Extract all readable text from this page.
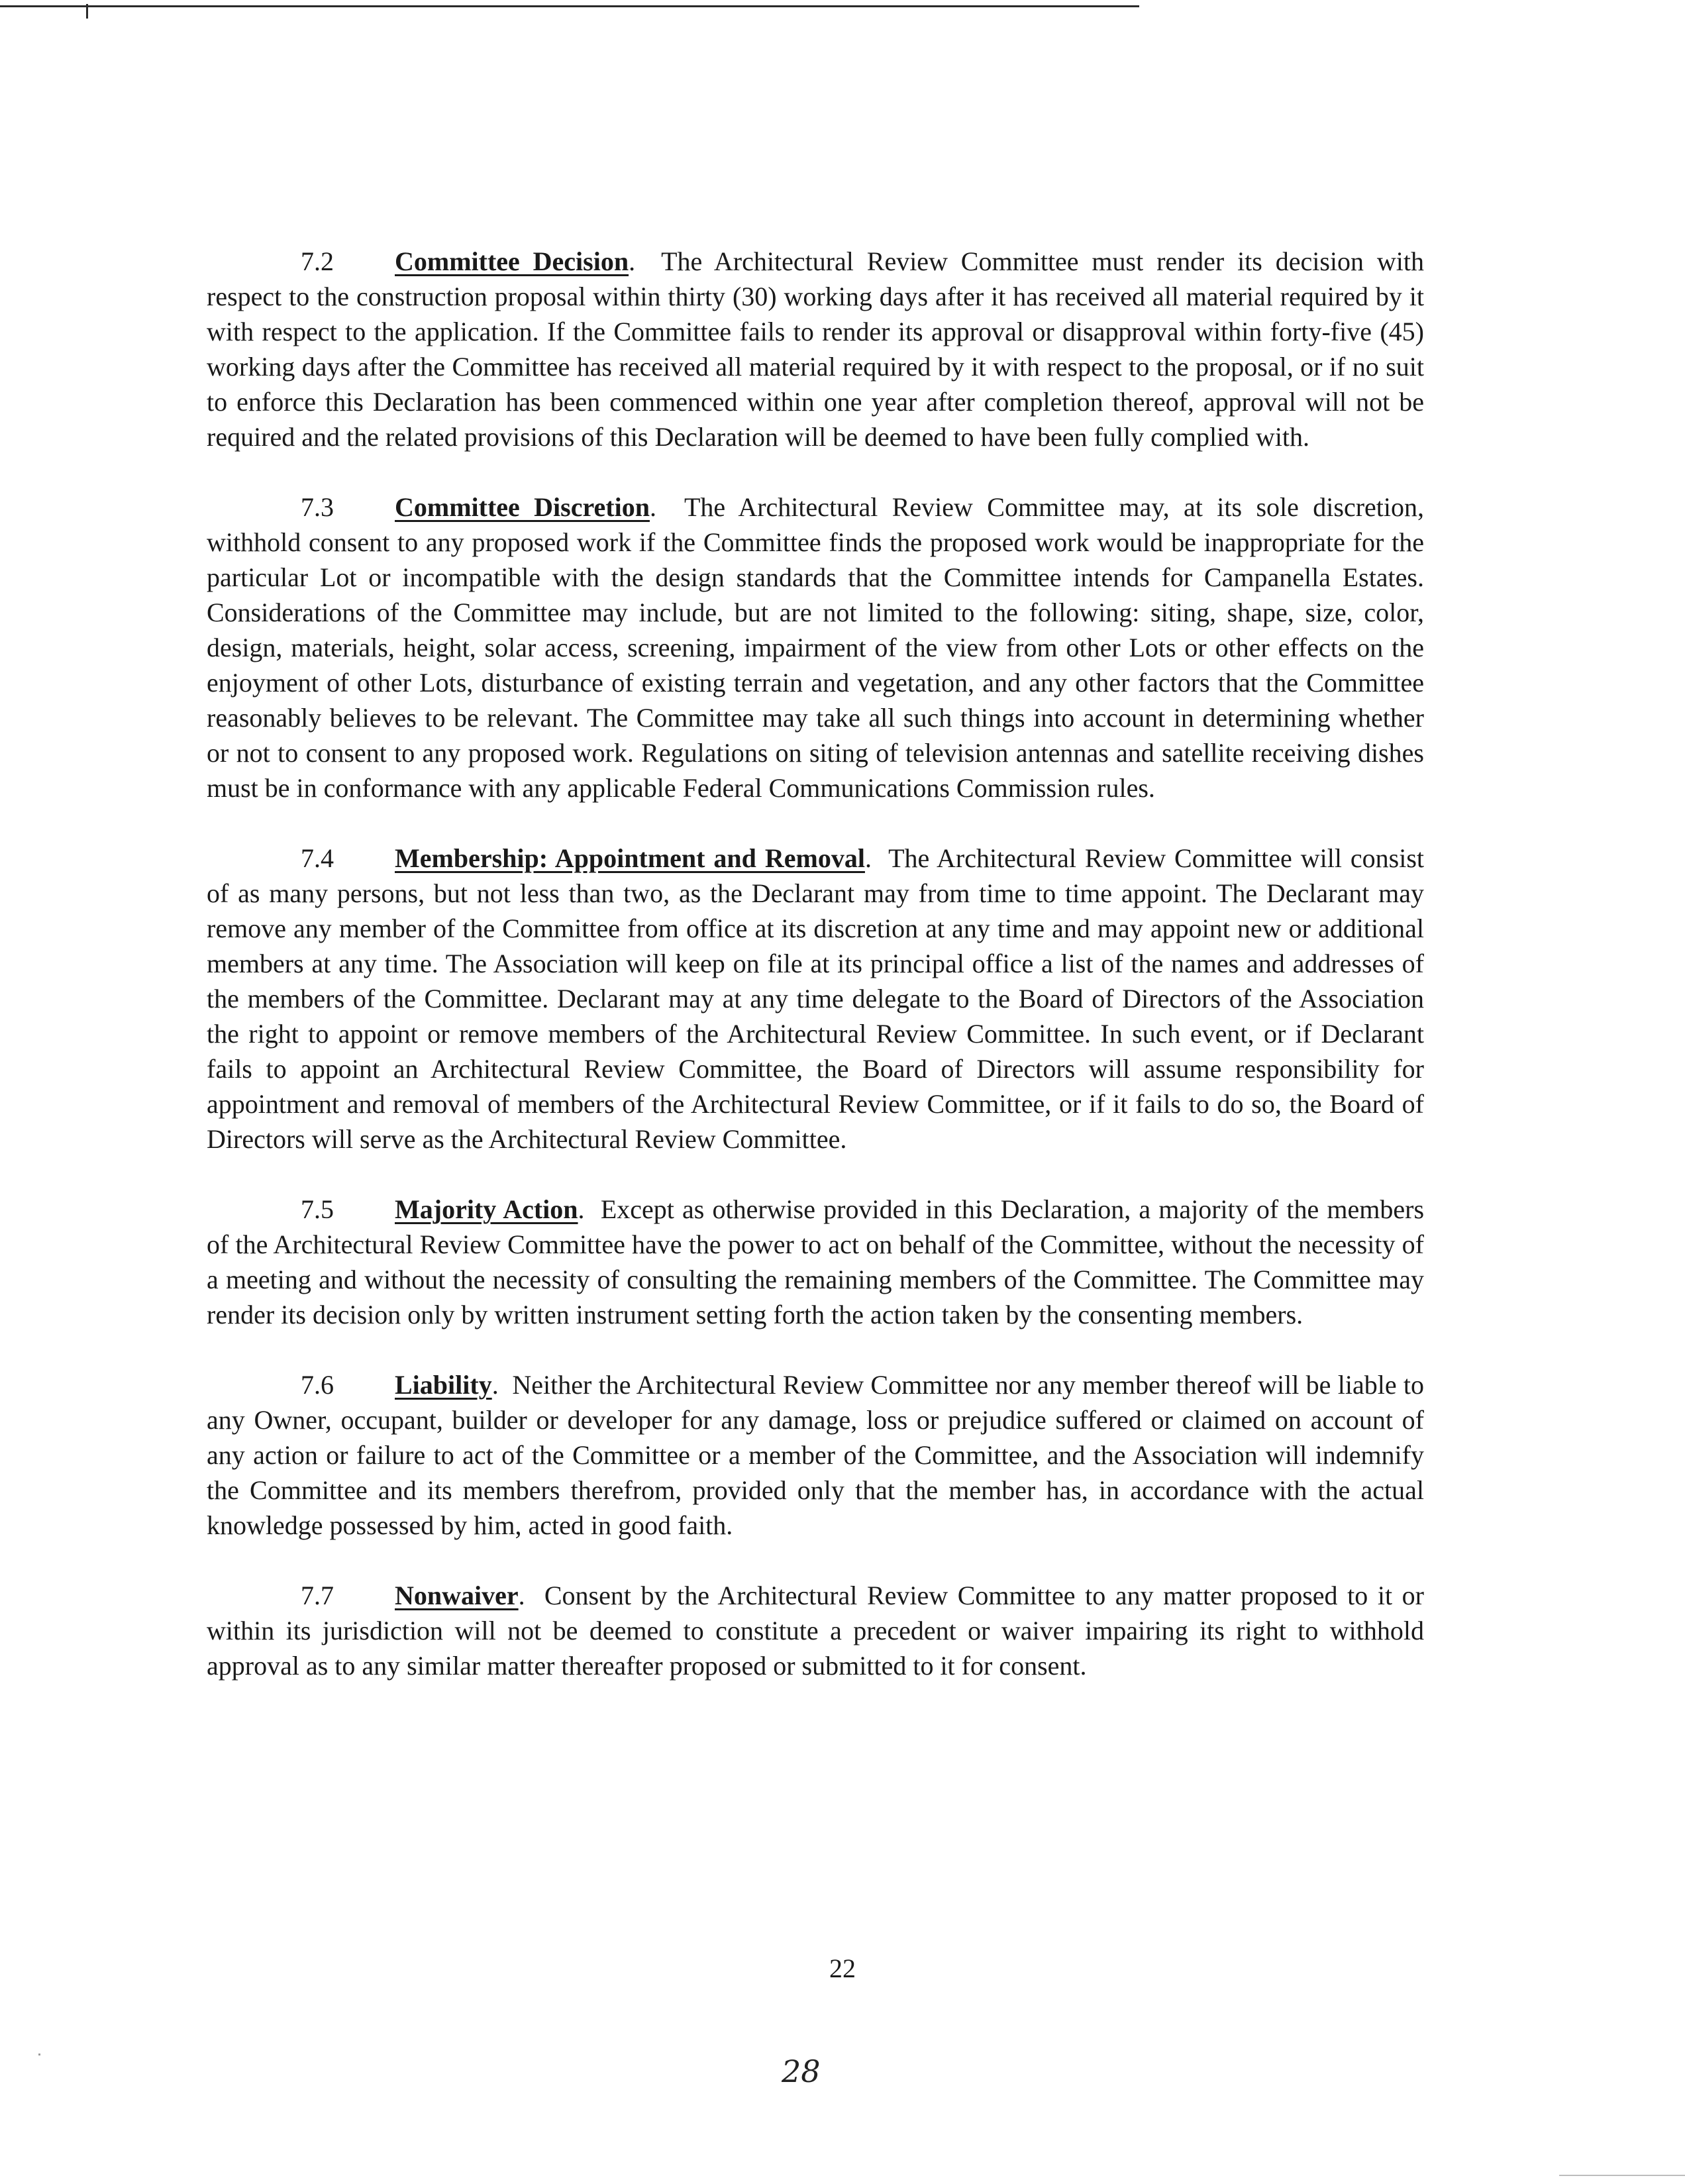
7.2 Committee Decision. The Architectural Review Committee must render its decision with respect to the construction proposal within thirty (30) working days after it has received all material required by it with respect to the application. If the Committee fails to render its approval or disapproval within forty-five (45) working days after the Committee has received all material required by it with respect to the proposal, or if no suit to enforce this Declaration has been commenced within one year after completion thereof, approval will not be required and the related provisions of this Declaration will be deemed to have been fully complied with.

7.3 Committee Discretion. The Architectural Review Committee may, at its sole discretion, withhold consent to any proposed work if the Committee finds the proposed work would be inappropriate for the particular Lot or incompatible with the design standards that the Committee intends for Campanella Estates. Considerations of the Committee may include, but are not limited to the following: siting, shape, size, color, design, materials, height, solar access, screening, impairment of the view from other Lots or other effects on the enjoyment of other Lots, disturbance of existing terrain and vegetation, and any other factors that the Committee reasonably believes to be relevant. The Committee may take all such things into account in determining whether or not to consent to any proposed work. Regulations on siting of television antennas and satellite receiving dishes must be in conformance with any applicable Federal Communications Commission rules.

7.4 Membership: Appointment and Removal. The Architectural Review Committee will consist of as many persons, but not less than two, as the Declarant may from time to time appoint. The Declarant may remove any member of the Committee from office at its discretion at any time and may appoint new or additional members at any time. The Association will keep on file at its principal office a list of the names and addresses of the members of the Committee. Declarant may at any time delegate to the Board of Directors of the Association the right to appoint or remove members of the Architectural Review Committee. In such event, or if Declarant fails to appoint an Architectural Review Committee, the Board of Directors will assume responsibility for appointment and removal of members of the Architectural Review Committee, or if it fails to do so, the Board of Directors will serve as the Architectural Review Committee.

7.5 Majority Action. Except as otherwise provided in this Declaration, a majority of the members of the Architectural Review Committee have the power to act on behalf of the Committee, without the necessity of a meeting and without the necessity of consulting the remaining members of the Committee. The Committee may render its decision only by written instrument setting forth the action taken by the consenting members.

7.6 Liability. Neither the Architectural Review Committee nor any member thereof will be liable to any Owner, occupant, builder or developer for any damage, loss or prejudice suffered or claimed on account of any action or failure to act of the Committee or a member of the Committee, and the Association will indemnify the Committee and its members therefrom, provided only that the member has, in accordance with the actual knowledge possessed by him, acted in good faith.

7.7 Nonwaiver. Consent by the Architectural Review Committee to any matter proposed to it or within its jurisdiction will not be deemed to constitute a precedent or waiver impairing its right to withhold approval as to any similar matter thereafter proposed or submitted to it for consent.

22
28
